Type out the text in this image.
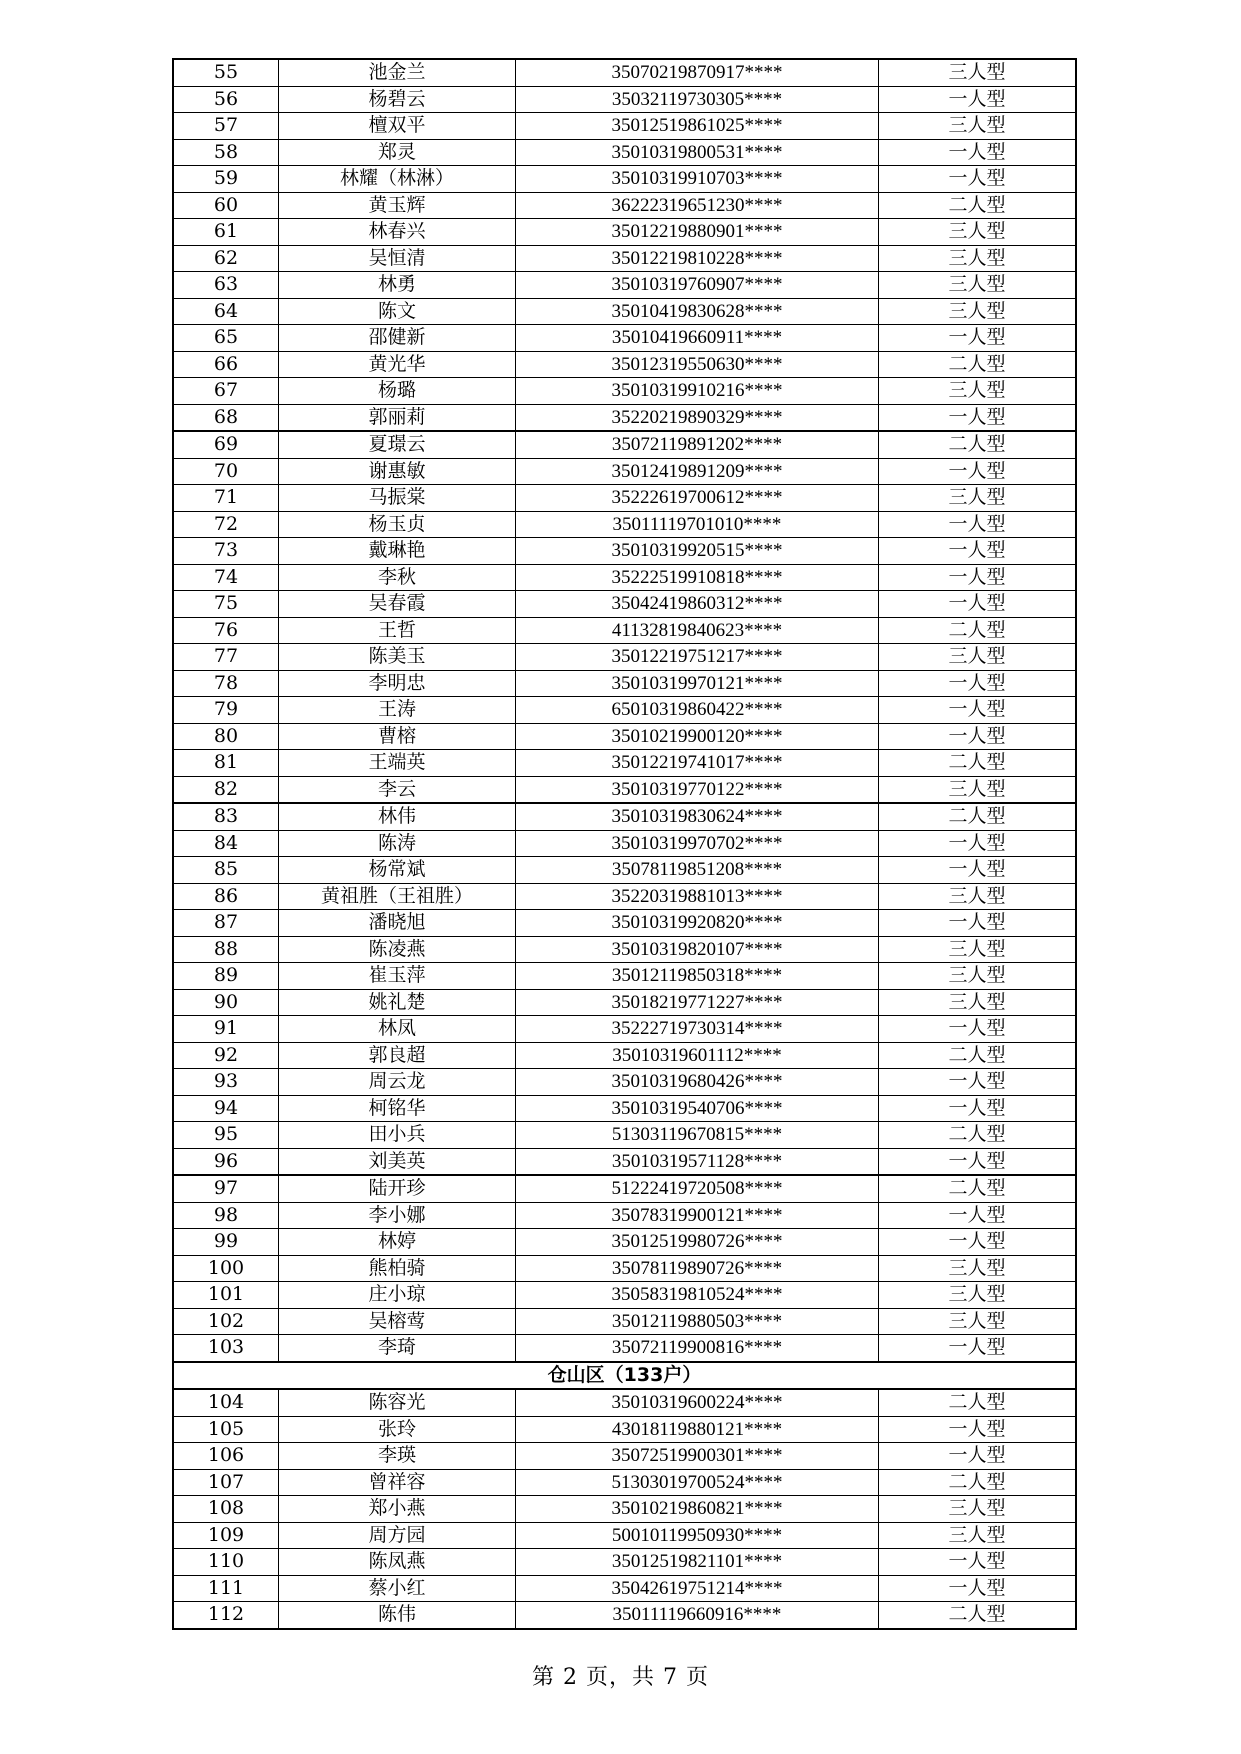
55	池金兰	35070219870917****	三人型
56	杨碧云	35032119730305****	一人型
57	檀双平	35012519861025****	三人型
58	郑灵	35010319800531****	一人型
59	林耀（林淋）	35010319910703****	一人型
60	黄玉辉	36222319651230****	二人型
61	林春兴	35012219880901****	三人型
62	吴恒清	35012219810228****	三人型
63	林勇	35010319760907****	三人型
64	陈文	35010419830628****	三人型
65	邵健新	35010419660911****	一人型
66	黄光华	35012319550630****	二人型
67	杨璐	35010319910216****	三人型
68	郭丽莉	35220219890329****	一人型
69	夏璟云	35072119891202****	二人型
70	谢惠敏	35012419891209****	一人型
71	马振棠	35222619700612****	三人型
72	杨玉贞	35011119701010****	一人型
73	戴琳艳	35010319920515****	一人型
74	李秋	35222519910818****	一人型
75	吴春霞	35042419860312****	一人型
76	王哲	41132819840623****	二人型
77	陈美玉	35012219751217****	三人型
78	李明忠	35010319970121****	一人型
79	王涛	65010319860422****	一人型
80	曹榕	35010219900120****	一人型
81	王端英	35012219741017****	二人型
82	李云	35010319770122****	三人型
83	林伟	35010319830624****	二人型
84	陈涛	35010319970702****	一人型
85	杨常斌	35078119851208****	一人型
86	黄祖胜（王祖胜）	35220319881013****	三人型
87	潘晓旭	35010319920820****	一人型
88	陈凌燕	35010319820107****	三人型
89	崔玉萍	35012119850318****	三人型
90	姚礼楚	35018219771227****	三人型
91	林凤	35222719730314****	一人型
92	郭良超	35010319601112****	二人型
93	周云龙	35010319680426****	一人型
94	柯铭华	35010319540706****	一人型
95	田小兵	51303119670815****	二人型
96	刘美英	35010319571128****	一人型
97	陆开珍	51222419720508****	二人型
98	李小娜	35078319900121****	一人型
99	林婷	35012519980726****	一人型
100	熊柏骑	35078119890726****	三人型
101	庄小琼	35058319810524****	三人型
102	吴榕莺	35012119880503****	三人型
103	李琦	35072119900816****	一人型
仓山区（133户）			
104	陈容光	35010319600224****	二人型
105	张玲	43018119880121****	一人型
106	李瑛	35072519900301****	一人型
107	曾祥容	51303019700524****	二人型
108	郑小燕	35010219860821****	三人型
109	周方园	50010119950930****	三人型
110	陈凤燕	35012519821101****	一人型
111	蔡小红	35042619751214****	一人型
112	陈伟	35011119660916****	二人型
第 2 页，共 7 页
